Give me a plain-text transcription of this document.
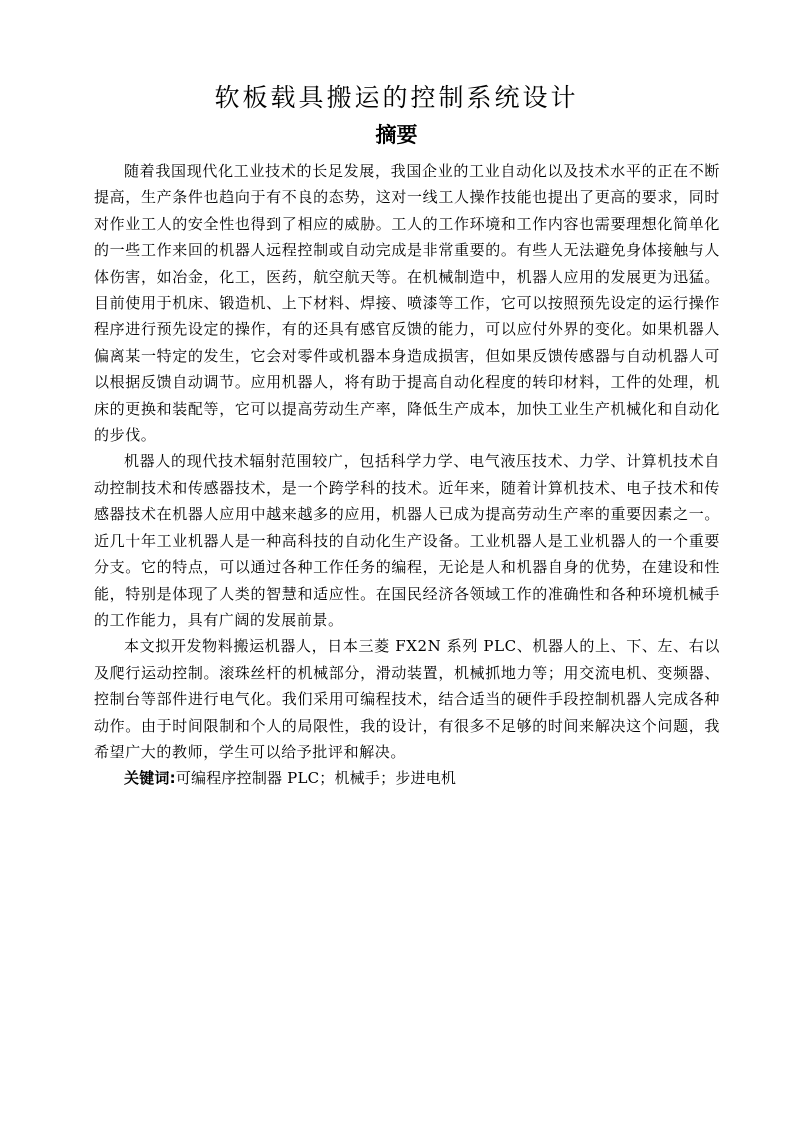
软板载具搬运的控制系统设计
摘要

随着我国现代化工业技术的长足发展，我国企业的工业自动化以及技术水平的正在不断提高，生产条件也趋向于有不良的态势，这对一线工人操作技能也提出了更高的要求，同时对作业工人的安全性也得到了相应的威胁。工人的工作环境和工作内容也需要理想化简单化的一些工作来回的机器人远程控制或自动完成是非常重要的。有些人无法避免身体接触与人体伤害，如冶金，化工，医药，航空航天等。在机械制造中，机器人应用的发展更为迅猛。目前使用于机床、锻造机、上下材料、焊接、喷漆等工作，它可以按照预先设定的运行操作程序进行预先设定的操作，有的还具有感官反馈的能力，可以应付外界的变化。如果机器人偏离某一特定的发生，它会对零件或机器本身造成损害，但如果反馈传感器与自动机器人可以根据反馈自动调节。应用机器人，将有助于提高自动化程度的转印材料，工件的处理，机床的更换和装配等，它可以提高劳动生产率，降低生产成本，加快工业生产机械化和自动化的步伐。

机器人的现代技术辐射范围较广，包括科学力学、电气液压技术、力学、计算机技术自动控制技术和传感器技术，是一个跨学科的技术。近年来，随着计算机技术、电子技术和传感器技术在机器人应用中越来越多的应用，机器人已成为提高劳动生产率的重要因素之一。近几十年工业机器人是一种高科技的自动化生产设备。工业机器人是工业机器人的一个重要分支。它的特点，可以通过各种工作任务的编程，无论是人和机器自身的优势，在建设和性能，特别是体现了人类的智慧和适应性。在国民经济各领域工作的准确性和各种环境机械手的工作能力，具有广阔的发展前景。

本文拟开发物料搬运机器人，日本三菱 FX2N 系列 PLC、机器人的上、下、左、右以及爬行运动控制。滚珠丝杆的机械部分，滑动装置，机械抓地力等；用交流电机、变频器、控制台等部件进行电气化。我们采用可编程技术，结合适当的硬件手段控制机器人完成各种动作。由于时间限制和个人的局限性，我的设计，有很多不足够的时间来解决这个问题，我希望广大的教师，学生可以给予批评和解决。

关键词:可编程序控制器 PLC；机械手；步进电机
